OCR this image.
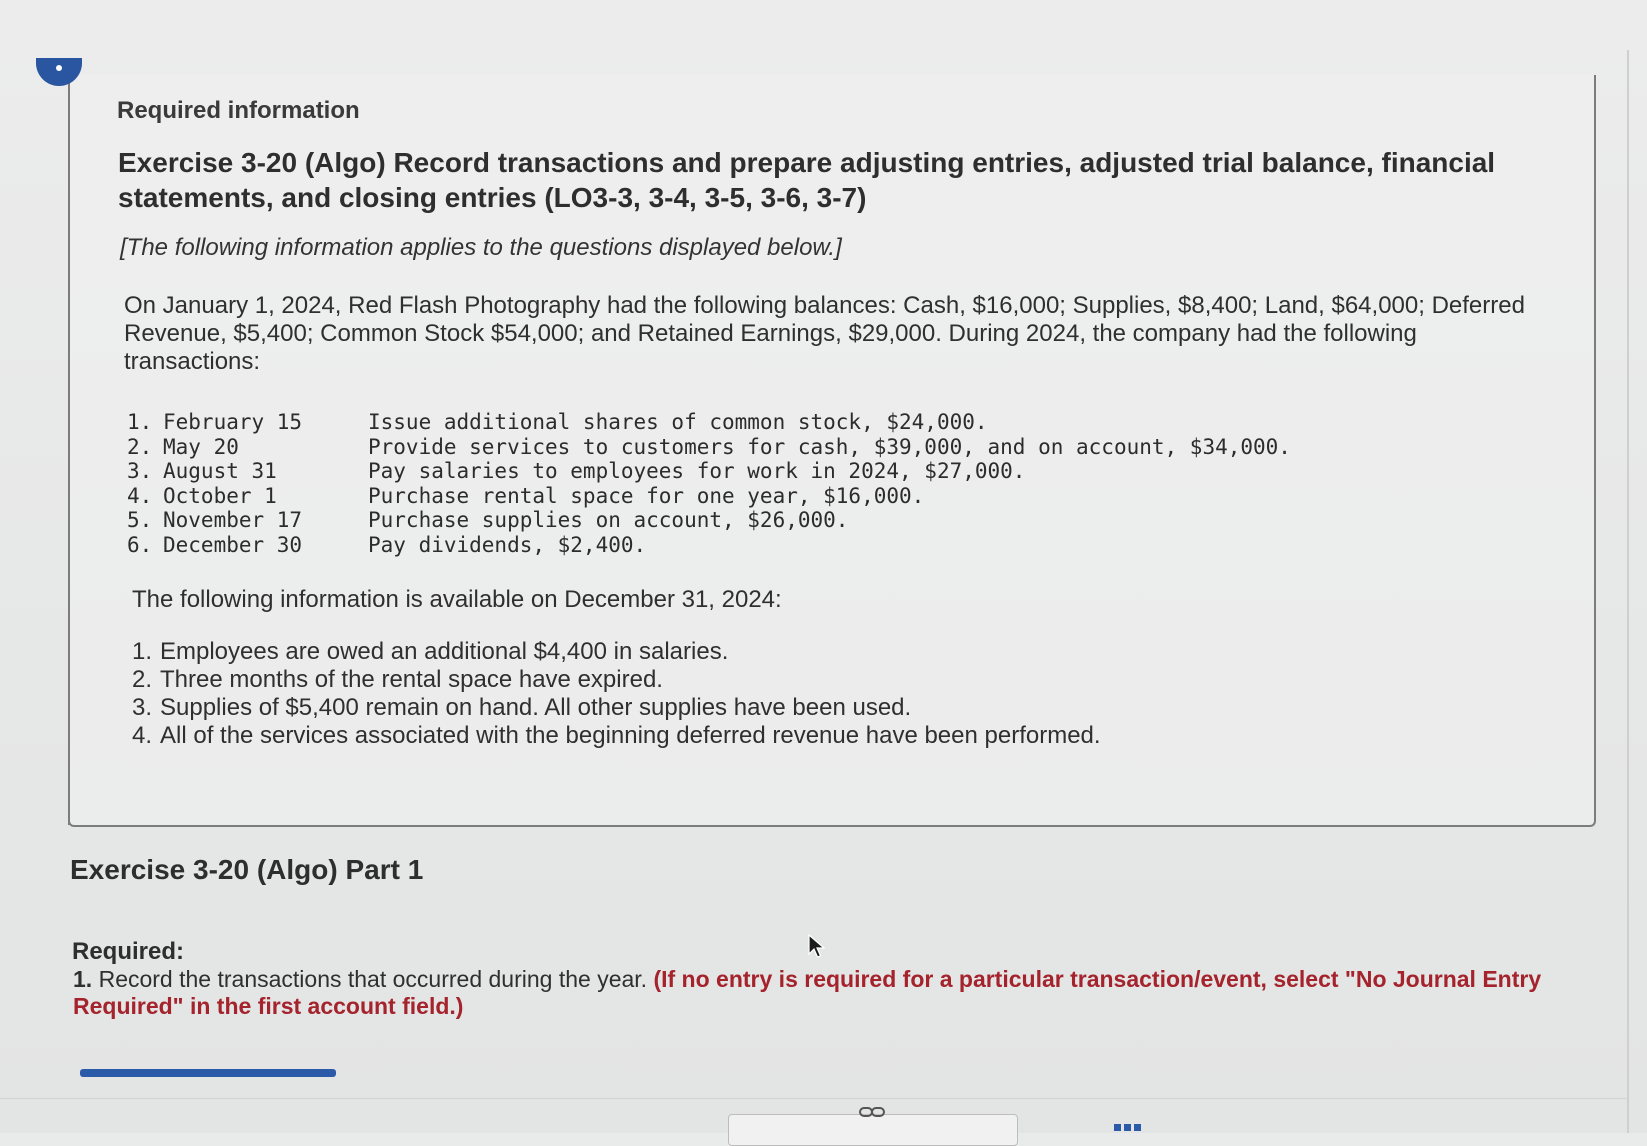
Required information
Exercise 3-20 (Algo) Record transactions and prepare adjusting entries, adjusted trial balance, financial statements, and closing entries (LO3-3, 3-4, 3-5, 3-6, 3-7)
[The following information applies to the questions displayed below.]
On January 1, 2024, Red Flash Photography had the following balances: Cash, $16,000; Supplies, $8,400; Land, $64,000; Deferred Revenue, $5,400; Common Stock $54,000; and Retained Earnings, $29,000. During 2024, the company had the following transactions:
1. February 15	Issue additional shares of common stock, $24,000.
2. May 20	Provide services to customers for cash, $39,000, and on account, $34,000.
3. August 31	Pay salaries to employees for work in 2024, $27,000.
4. October 1	Purchase rental space for one year, $16,000.
5. November 17	Purchase supplies on account, $26,000.
6. December 30	Pay dividends, $2,400.
The following information is available on December 31, 2024:
1. Employees are owed an additional $4,400 in salaries.
2. Three months of the rental space have expired.
3. Supplies of $5,400 remain on hand. All other supplies have been used.
4. All of the services associated with the beginning deferred revenue have been performed.
Exercise 3-20 (Algo) Part 1
Required:
1. Record the transactions that occurred during the year. (If no entry is required for a particular transaction/event, select "No Journal Entry Required" in the first account field.)
